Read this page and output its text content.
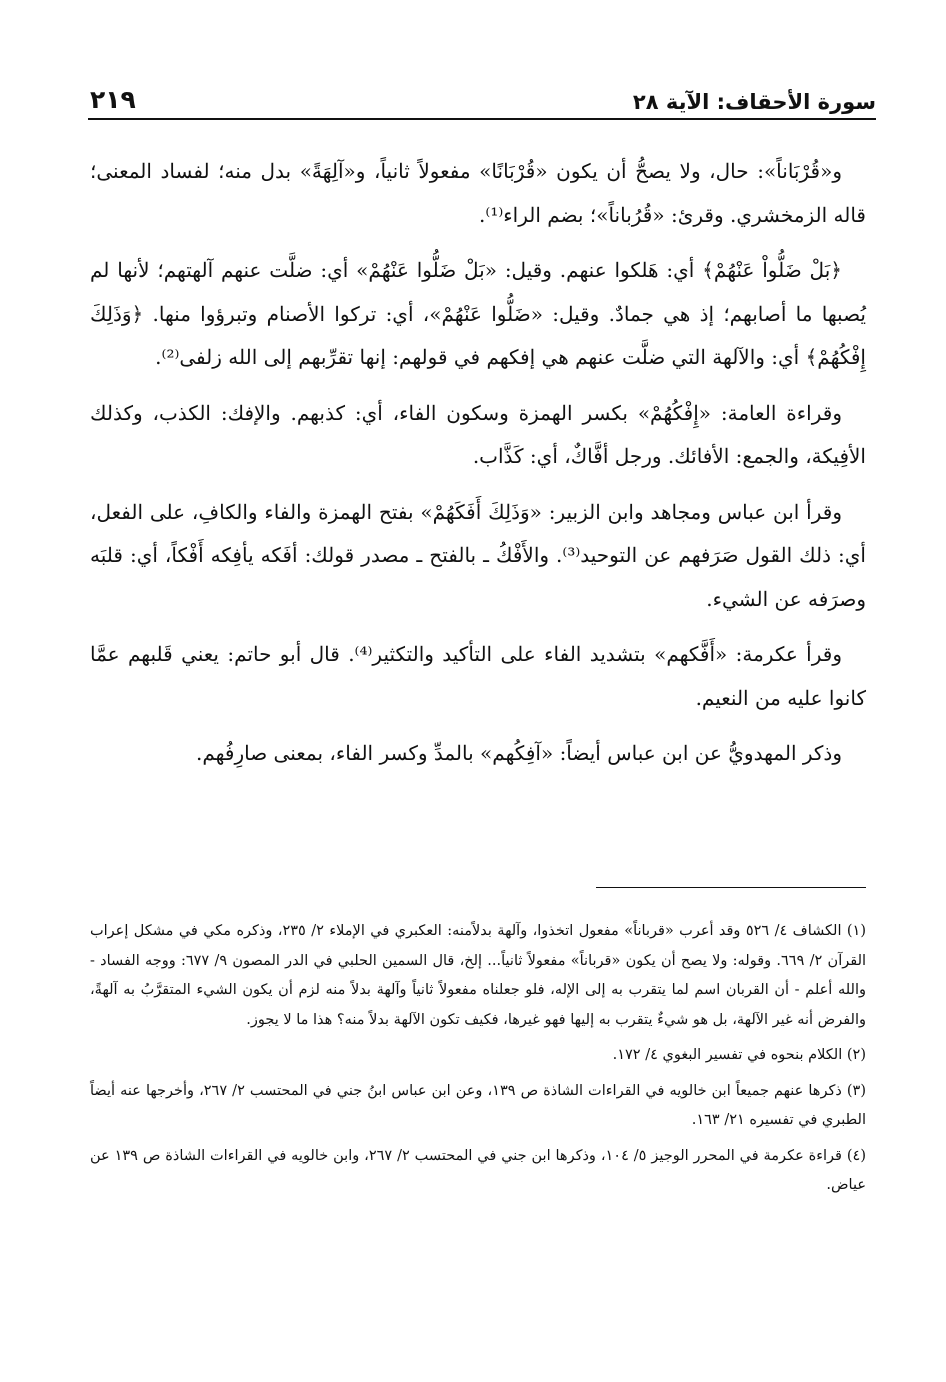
٢١٩	سورة الأحقاف: الآية ٢٨

و«قُرْبَاناً»: حال، ولا يصحُّ أن يكون «قُرْبَانًا» مفعولاً ثانياً، و«آلِهَةً» بدل منه؛ لفساد المعنى؛ قاله الزمخشري. وقرئ: «قُرُباناً»؛ بضم الراء⁽¹⁾.

﴿بَلْ ضَلُّواْ عَنْهُمْ﴾ أي: هَلكوا عنهم. وقيل: «بَلْ ضَلُّوا عَنْهُمْ» أي: ضلَّت عنهم آلهتهم؛ لأنها لم يُصبها ما أصابهم؛ إذ هي جمادٌ. وقيل: «ضَلُّوا عَنْهُمْ»، أي: تركوا الأصنام وتبرؤوا منها. ﴿وَذَلِكَ إِفْكُهُمْ﴾ أي: والآلهة التي ضلَّت عنهم هي إفكهم في قولهم: إنها تقرِّبهم إلى الله زلفى⁽²⁾.

وقراءة العامة: «إِفْكُهُمْ» بكسر الهمزة وسكون الفاء، أي: كذبهم. والإفك: الكذب، وكذلك الأفِيكة، والجمع: الأفائك. ورجل أفَّاكٌ، أي: كَذَّاب.

وقرأ ابن عباس ومجاهد وابن الزبير: «وَذَلِكَ أَفَكَهُمْ» بفتح الهمزة والفاء والكافِ، على الفعل، أي: ذلك القول صَرَفهم عن التوحيد⁽³⁾. والأَفْكُ ـ بالفتح ـ مصدر قولك: أفَكه يأفِكه أَفْكاً، أي: قلبَه وصرَفه عن الشيء.

وقرأ عكرمة: «أَفَّكهم» بتشديد الفاء على التأكيد والتكثير⁽⁴⁾. قال أبو حاتم: يعني قَلبهم عمَّا كانوا عليه من النعيم.

وذكر المهدويُّ عن ابن عباس أيضاً: «آفِكُهم» بالمدِّ وكسر الفاء، بمعنى صارِفُهم.

(١) الكشاف ٤/ ٥٢٦ وقد أعرب «قرباناً» مفعول اتخذوا، وآلهة بدلاًمنه: العكبري في الإملاء ٢/ ٢٣٥، وذكره مكي في مشكل إعراب القرآن ٢/ ٦٦٩. وقوله: ولا يصح أن يكون «قرباناً» مفعولاً ثانياً... إلخ، قال السمين الحلبي في الدر المصون ٩/ ٦٧٧: ووجه الفساد - والله أعلم - أن القربان اسم لما يتقرب به إلى الإله، فلو جعلناه مفعولاً ثانياً وآلهة بدلاً منه لزم أن يكون الشيء المتقرَّبُ به آلهةً، والفرض أنه غير الآلهة، بل هو شيءٌ يتقرب به إليها فهو غيرها، فكيف تكون الآلهة بدلاً منه؟ هذا ما لا يجوز.

(٢) الكلام بنحوه في تفسير البغوي ٤/ ١٧٢.

(٣) ذكرها عنهم جميعاً ابن خالويه في القراءات الشاذة ص ١٣٩، وعن ابن عباس ابنُ جني في المحتسب ٢/ ٢٦٧، وأخرجها عنه أيضاً الطبري في تفسيره ٢١/ ١٦٣.

(٤) قراءة عكرمة في المحرر الوجيز ٥/ ١٠٤، وذكرها ابن جني في المحتسب ٢/ ٢٦٧، وابن خالويه في القراءات الشاذة ص ١٣٩ عن عياض.
